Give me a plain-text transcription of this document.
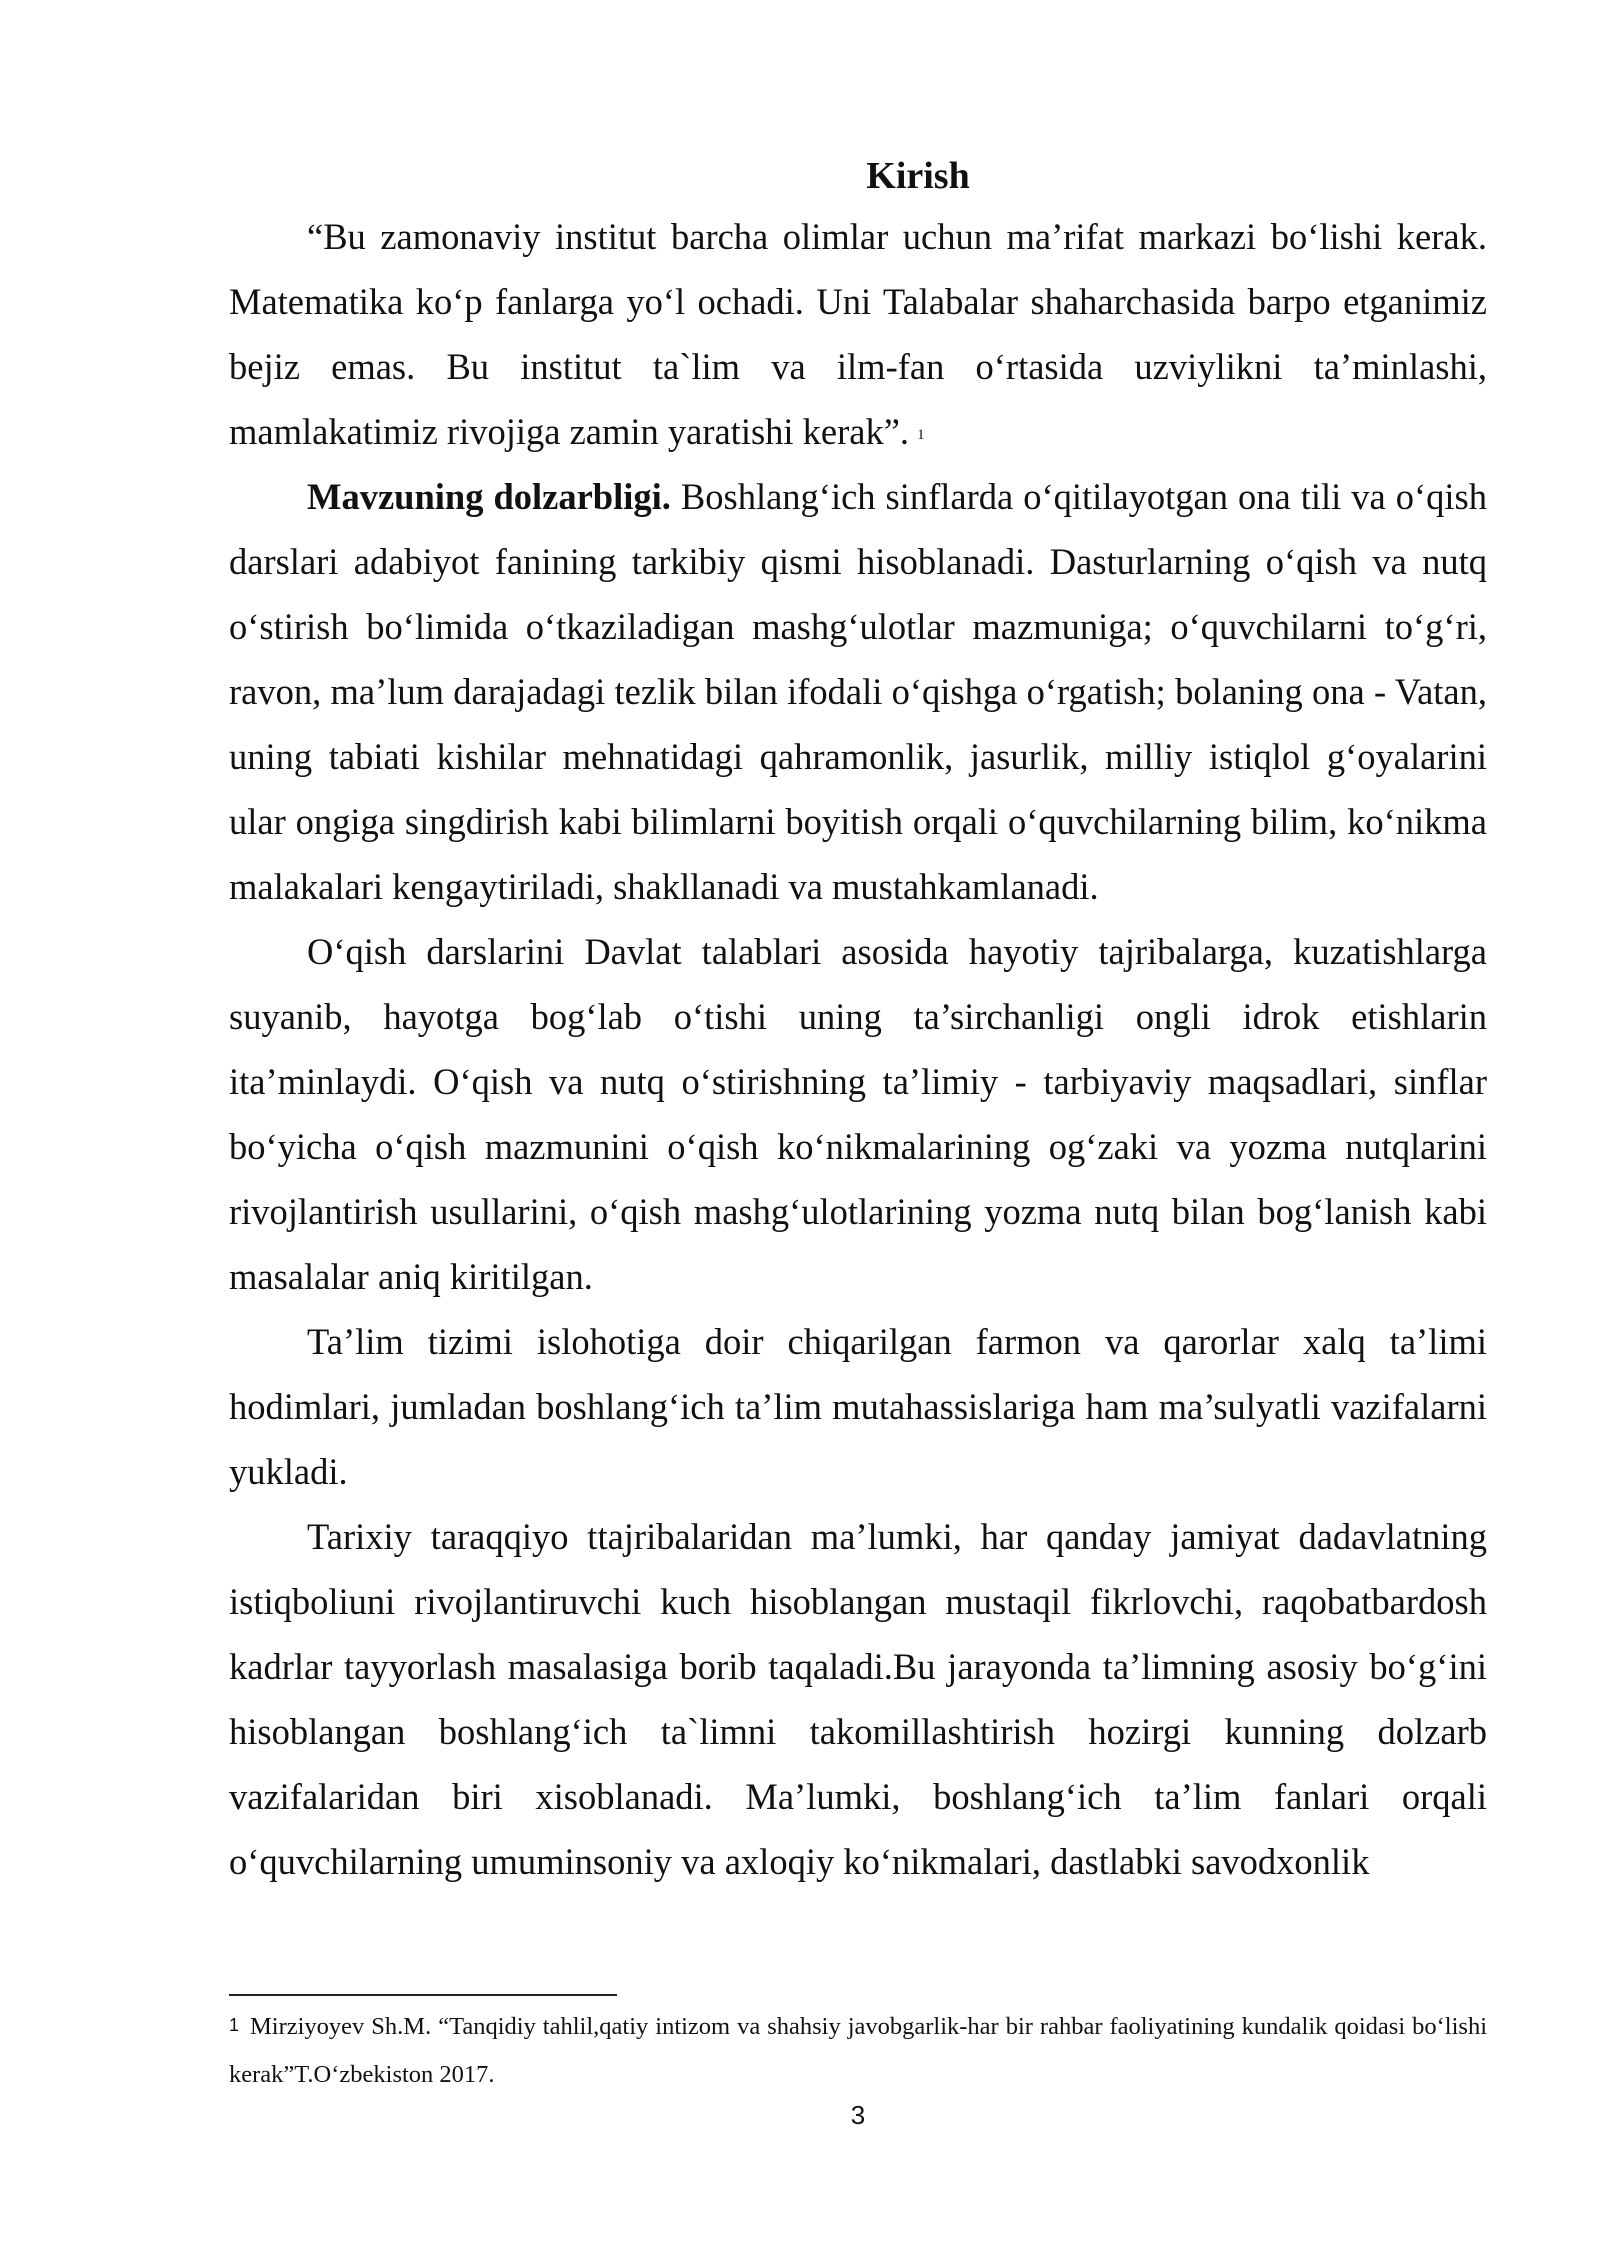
Kirish

“Bu zamonaviy institut barcha olimlar uchun ma’rifat markazi bo‘lishi kerak. Matematika ko‘p fanlarga yo‘l ochadi. Uni Talabalar shaharchasida barpo etganimiz bejiz emas. Bu institut ta`lim va ilm-fan o‘rtasida uzviylikni ta’minlashi, mamlakatimiz rivojiga zamin yaratishi kerak”. $^1$

Mavzuning dolzarbligi. Boshlang‘ich sinflarda o‘qitilayotgan ona tili va o‘qish darslari adabiyot fanining tarkibiy qismi hisoblanadi. Dasturlarning o‘qish va nutq o‘stirish bo‘limida o‘tkaziladigan mashg‘ulotlar mazmuniga; o‘quvchilarni to‘g‘ri, ravon, ma’lum darajadagi tezlik bilan ifodali o‘qishga o‘rgatish; bolaning ona - Vatan, uning tabiati kishilar mehnatidagi qahramonlik, jasurlik, milliy istiqlol g‘oyalarini ular ongiga singdirish kabi bilimlarni boyitish orqali o‘quvchilarning bilim, ko‘nikma malakalari kengaytiriladi, shakllanadi va mustahkamlanadi.

O‘qish darslarini Davlat talablari asosida hayotiy tajribalarga, kuzatishlarga suyanib, hayotga bog‘lab o‘tishi uning ta’sirchanligi ongli idrok etishlarin ita’minlaydi. O‘qish va nutq o‘stirishning ta’limiy - tarbiyaviy maqsadlari, sinflar bo‘yicha o‘qish mazmunini o‘qish ko‘nikmalarining og‘zaki va yozma nutqlarini rivojlantirish usullarini, o‘qish mashg‘ulotlarining yozma nutq bilan bog‘lanish kabi masalalar aniq kiritilgan.

Ta’lim tizimi islohotiga doir chiqarilgan farmon va qarorlar xalq ta’limi hodimlari, jumladan boshlang‘ich ta’lim mutahassislariga ham ma’sulyatli vazifalarni yukladi.

Tarixiy taraqqiyo ttajribalaridan ma’lumki, har qanday jamiyat dadavlatning istiqboliuni rivojlantiruvchi kuch hisoblangan mustaqil fikrlovchi, raqobatbardosh kadrlar tayyorlash masalasiga borib taqaladi.Bu jarayonda ta’limning asosiy bo‘g‘ini hisoblangan boshlang‘ich ta`limni takomillashtirish hozirgi kunning dolzarb vazifalaridan biri xisoblanadi. Ma’lumki, boshlang‘ich ta’lim fanlari orqali o‘quvchilarning umuminsoniy va axloqiy ko‘nikmalari, dastlabki savodxonlik

$^1$ Mirziyoyev Sh.M. “Tanqidiy tahlil,qatiy intizom va shahsiy javobgarlik-har bir rahbar faoliyatining kundalik qoidasi bo‘lishi kerak”T.O‘zbekiston 2017.

3
